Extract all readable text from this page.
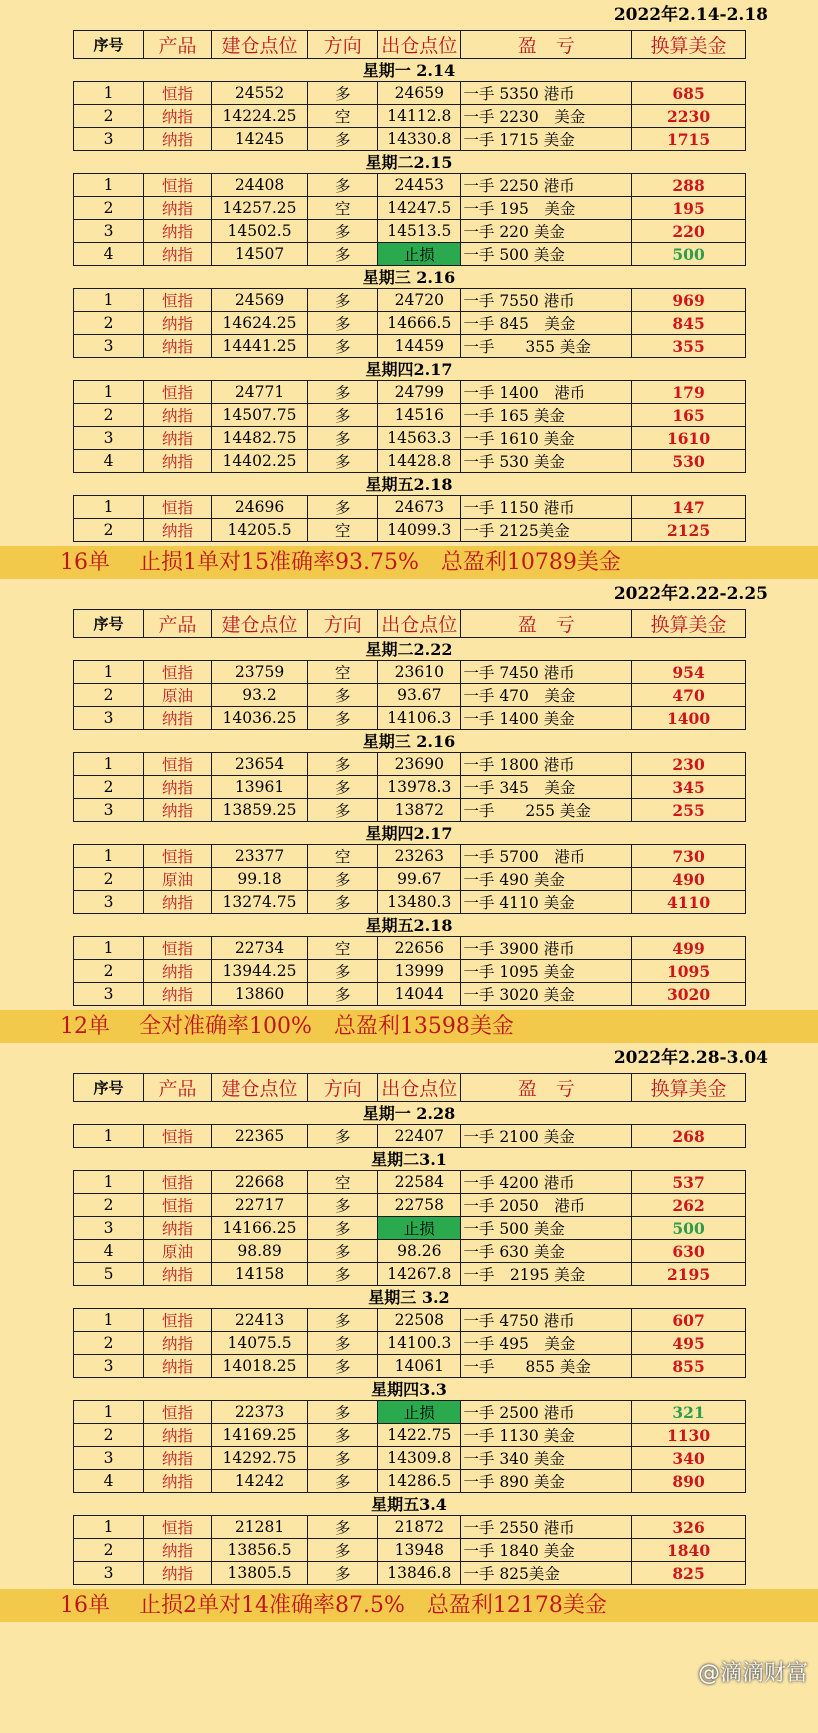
2022年2.14-2.18
序号	产品	建仓点位	方向	出仓点位	盈　亏	换算美金
星期一 2.14
1	恒指	24552	多	24659	一手 5350 港币	685
2	纳指	14224.25	空	14112.8	一手 2230　美金	2230
3	纳指	14245	多	14330.8	一手 1715 美金	1715
星期二2.15
1	恒指	24408	多	24453	一手 2250 港币	288
2	纳指	14257.25	空	14247.5	一手 195　美金	195
3	纳指	14502.5	多	14513.5	一手 220 美金	220
4	纳指	14507	多	止损	一手 500 美金	500
星期三 2.16
1	恒指	24569	多	24720	一手 7550 港币	969
2	纳指	14624.25	多	14666.5	一手 845　美金	845
3	纳指	14441.25	多	14459	一手　　355 美金	355
星期四2.17
1	恒指	24771	多	24799	一手 1400　港币	179
2	纳指	14507.75	多	14516	一手 165 美金	165
3	纳指	14482.75	多	14563.3	一手 1610 美金	1610
4	纳指	14402.25	多	14428.8	一手 530 美金	530
星期五2.18
1	恒指	24696	多	24673	一手 1150 港币	147
2	纳指	14205.5	空	14099.3	一手 2125美金	2125
16单　 止损1单对15准确率93.75%　总盈利10789美金
2022年2.22-2.25
序号	产品	建仓点位	方向	出仓点位	盈　亏	换算美金
星期二2.22
1	恒指	23759	空	23610	一手 7450 港币	954
2	原油	93.2	多	93.67	一手 470　美金	470
3	纳指	14036.25	多	14106.3	一手 1400 美金	1400
星期三 2.16
1	恒指	23654	多	23690	一手 1800 港币	230
2	纳指	13961	多	13978.3	一手 345　美金	345
3	纳指	13859.25	多	13872	一手　　255 美金	255
星期四2.17
1	恒指	23377	空	23263	一手 5700　港币	730
2	原油	99.18	多	99.67	一手 490 美金	490
3	纳指	13274.75	多	13480.3	一手 4110 美金	4110
星期五2.18
1	恒指	22734	空	22656	一手 3900 港币	499
2	纳指	13944.25	多	13999	一手 1095 美金	1095
3	纳指	13860	多	14044	一手 3020 美金	3020
12单　 全对准确率100%　总盈利13598美金
2022年2.28-3.04
序号	产品	建仓点位	方向	出仓点位	盈　亏	换算美金
星期一 2.28
1	恒指	22365	多	22407	一手 2100 美金	268
星期二3.1
1	恒指	22668	空	22584	一手 4200 港币	537
2	恒指	22717	多	22758	一手 2050　港币	262
3	纳指	14166.25	多	止损	一手 500 美金	500
4	原油	98.89	多	98.26	一手 630 美金	630
5	纳指	14158	多	14267.8	一手　2195 美金	2195
星期三 3.2
1	恒指	22413	多	22508	一手 4750 港币	607
2	纳指	14075.5	多	14100.3	一手 495　美金	495
3	纳指	14018.25	多	14061	一手　　855 美金	855
星期四3.3
1	恒指	22373	多	止损	一手 2500 港币	321
2	纳指	14169.25	多	1422.75	一手 1130 美金	1130
3	纳指	14292.75	多	14309.8	一手 340 美金	340
4	纳指	14242	多	14286.5	一手 890 美金	890
星期五3.4
1	恒指	21281	多	21872	一手 2550 港币	326
2	纳指	13856.5	多	13948	一手 1840 美金	1840
3	纳指	13805.5	多	13846.8	一手 825美金	825
16单　 止损2单对14准确率87.5%　总盈利12178美金
@滴滴财富
